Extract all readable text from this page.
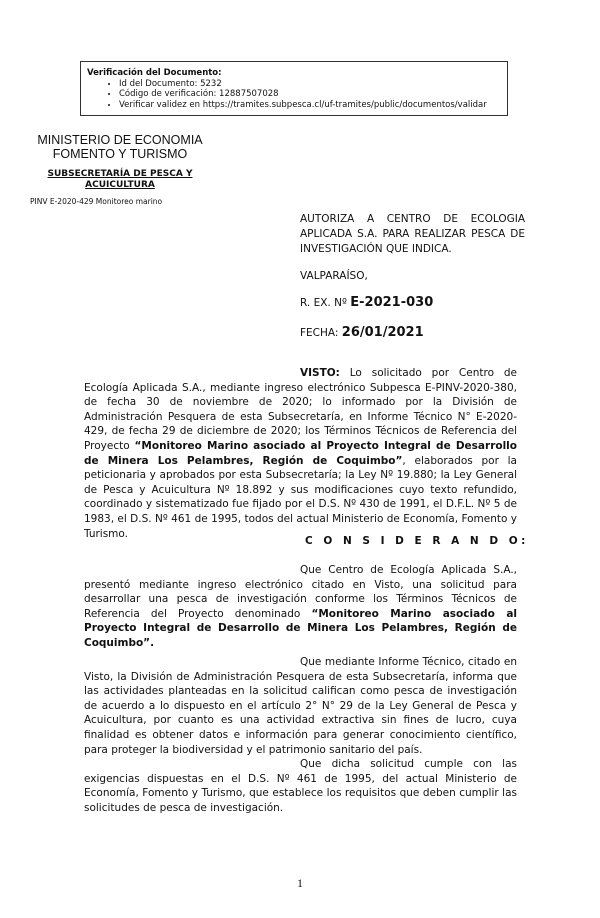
Verificación del Documento:
• Id del Documento: 5232
• Código de verificación: 12887507028
• Verificar validez en https://tramites.subpesca.cl/uf-tramites/public/documentos/validar
MINISTERIO DE ECONOMIA
FOMENTO Y TURISMO
SUBSECRETARÍA DE PESCA Y
ACUICULTURA
PINV E-2020-429 Monitoreo marino
AUTORIZA A CENTRO DE ECOLOGIA APLICADA S.A. PARA REALIZAR PESCA DE INVESTIGACIÓN QUE INDICA.
VALPARAÍSO,
R. EX. Nº E-2021-030
FECHA: 26/01/2021
VISTO: Lo solicitado por Centro de Ecología Aplicada S.A., mediante ingreso electrónico Subpesca E-PINV-2020-380, de fecha 30 de noviembre de 2020; lo informado por la División de Administración Pesquera de esta Subsecretaría, en Informe Técnico N° E-2020-429, de fecha 29 de diciembre de 2020; los Términos Técnicos de Referencia del Proyecto “Monitoreo Marino asociado al Proyecto Integral de Desarrollo de Minera Los Pelambres, Región de Coquimbo”, elaborados por la peticionaria y aprobados por esta Subsecretaría; la Ley Nº 19.880; la Ley General de Pesca y Acuicultura Nº 18.892 y sus modificaciones cuyo texto refundido, coordinado y sistematizado fue fijado por el D.S. Nº 430 de 1991, el D.F.L. Nº 5 de 1983, el D.S. Nº 461 de 1995, todos del actual Ministerio de Economía, Fomento y Turismo.
C O N S I D E R A N D O:
Que Centro de Ecología Aplicada S.A., presentó mediante ingreso electrónico citado en Visto, una solicitud para desarrollar una pesca de investigación conforme los Términos Técnicos de Referencia del Proyecto denominado “Monitoreo Marino asociado al Proyecto Integral de Desarrollo de Minera Los Pelambres, Región de Coquimbo”.
Que mediante Informe Técnico, citado en Visto, la División de Administración Pesquera de esta Subsecretaría, informa que las actividades planteadas en la solicitud califican como pesca de investigación de acuerdo a lo dispuesto en el artículo 2° N° 29 de la Ley General de Pesca y Acuicultura, por cuanto es una actividad extractiva sin fines de lucro, cuya finalidad es obtener datos e información para generar conocimiento científico, para proteger la biodiversidad y el patrimonio sanitario del país.
Que dicha solicitud cumple con las exigencias dispuestas en el D.S. Nº 461 de 1995, del actual Ministerio de Economía, Fomento y Turismo, que establece los requisitos que deben cumplir las solicitudes de pesca de investigación.
1
